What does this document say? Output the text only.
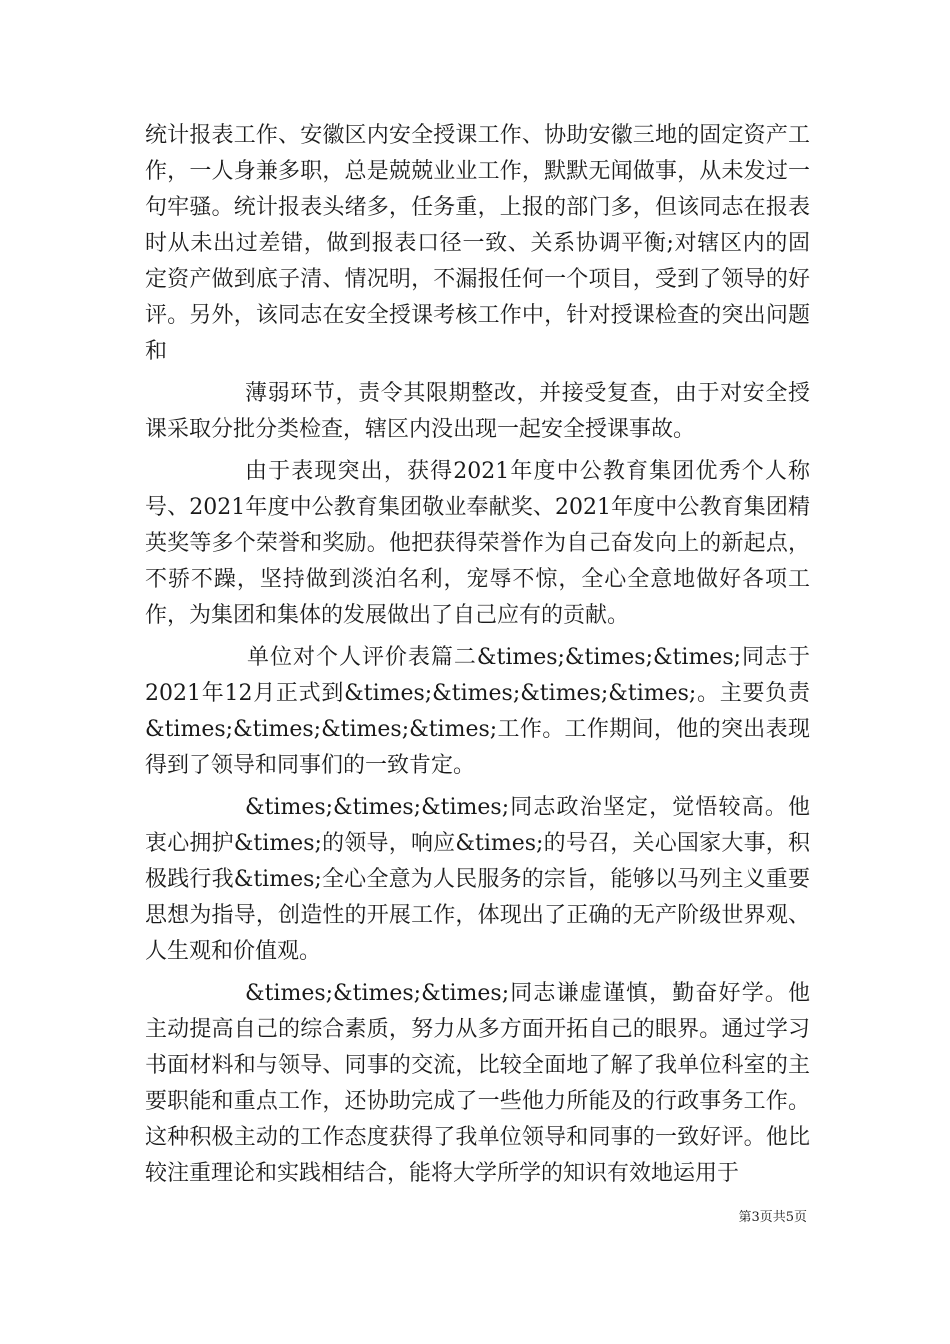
统计报表工作、安徽区内安全授课工作、协助安徽三地的固定资产工作，一人身兼多职，总是兢兢业业工作，默默无闻做事，从未发过一句牢骚。统计报表头绪多，任务重，上报的部门多，但该同志在报表时从未出过差错，做到报表口径一致、关系协调平衡;对辖区内的固定资产做到底子清、情况明，不漏报任何一个项目，受到了领导的好评。另外，该同志在安全授课考核工作中，针对授课检查的突出问题和

薄弱环节，责令其限期整改，并接受复查，由于对安全授课采取分批分类检查，辖区内没出现一起安全授课事故。

由于表现突出，获得2021年度中公教育集团优秀个人称号、2021年度中公教育集团敬业奉献奖、2021年度中公教育集团精英奖等多个荣誉和奖励。他把获得荣誉作为自己奋发向上的新起点，不骄不躁，坚持做到淡泊名利，宠辱不惊，全心全意地做好各项工作，为集团和集体的发展做出了自己应有的贡献。

单位对个人评价表篇二&times;&times;&times;同志于2021年12月正式到&times;&times;&times;&times;。主要负责&times;&times;&times;&times;工作。工作期间，他的突出表现得到了领导和同事们的一致肯定。

&times;&times;&times;同志政治坚定，觉悟较高。他衷心拥护&times;的领导，响应&times;的号召，关心国家大事，积极践行我&times;全心全意为人民服务的宗旨，能够以马列主义重要思想为指导，创造性的开展工作，体现出了正确的无产阶级世界观、人生观和价值观。

&times;&times;&times;同志谦虚谨慎，勤奋好学。他主动提高自己的综合素质，努力从多方面开拓自己的眼界。通过学习书面材料和与领导、同事的交流，比较全面地了解了我单位科室的主要职能和重点工作，还协助完成了一些他力所能及的行政事务工作。这种积极主动的工作态度获得了我单位领导和同事的一致好评。他比较注重理论和实践相结合，能将大学所学的知识有效地运用于

第3页共5页
